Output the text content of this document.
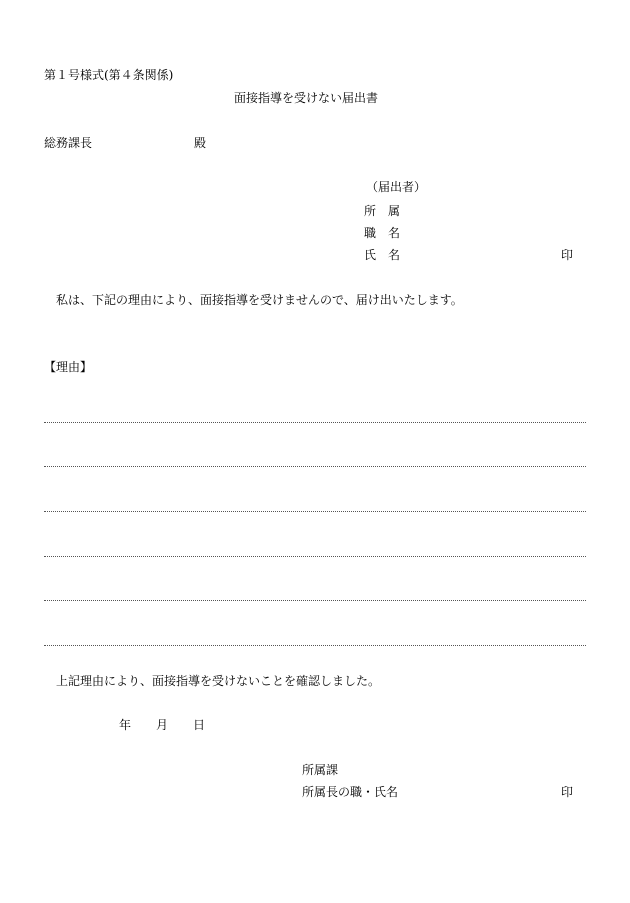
第１号様式(第４条関係)
面接指導を受けない届出書
総務課長	殿
（届出者）
所　属
職　名
氏　名	印
私は、下記の理由により、面接指導を受けませんので、届け出いたします。
【理由】
上記理由により、面接指導を受けないことを確認しました。
年 月 日
所属課
所属長の職・氏名	印
